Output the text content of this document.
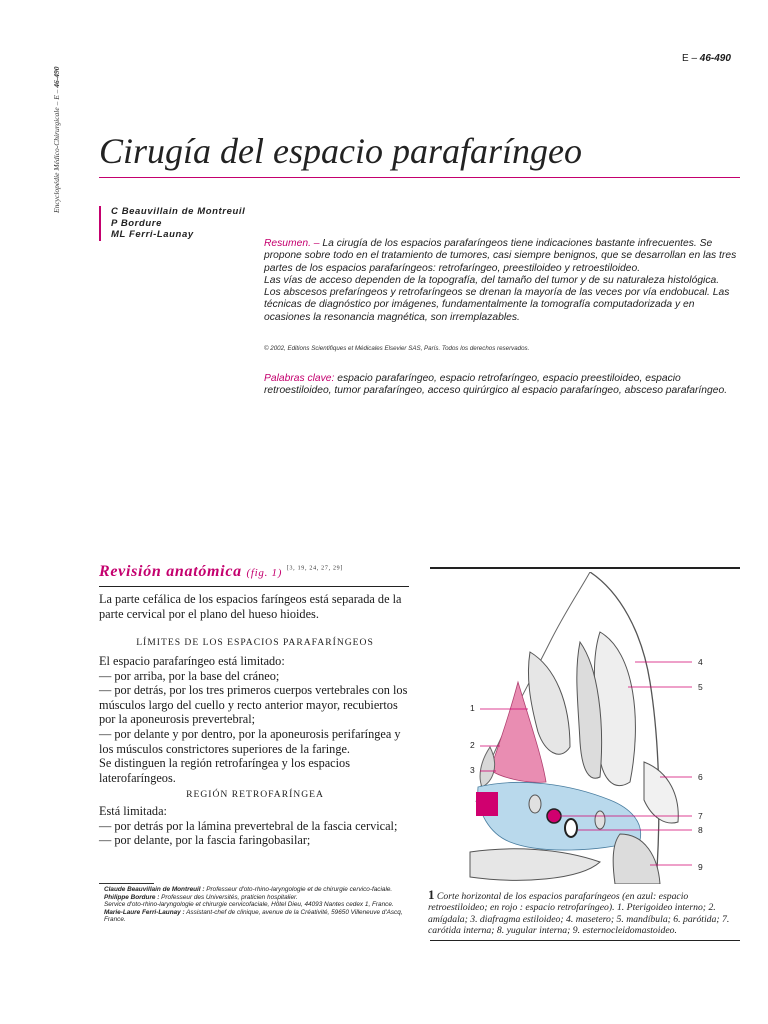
Encyclopédie Médico-Chirurgicale – E – 46-490
E – 46-490
Cirugía del espacio parafaríngeo
C Beauvillain de Montreuil
P Bordure
ML Ferri-Launay
Resumen. – La cirugía de los espacios parafaríngeos tiene indicaciones bastante infrecuentes. Se propone sobre todo en el tratamiento de tumores, casi siempre benignos, que se desarrollan en las tres partes de los espacios parafaríngeos: retrofaríngeo, preestiloideo y retroestiloideo.
Las vías de acceso dependen de la topografía, del tamaño del tumor y de su naturaleza histológica.
Los abscesos prefaríngeos y retrofaríngeos se drenan la mayoría de las veces por vía endobucal. Las técnicas de diagnóstico por imágenes, fundamentalmente la tomografía computadorizada y en ocasiones la resonancia magnética, son irremplazables.
© 2002, Editions Scientifiques et Médicales Elsevier SAS, París. Todos los derechos reservados.
Palabras clave: espacio parafaríngeo, espacio retrofaríngeo, espacio preestiloideo, espacio retroestiloideo, tumor parafaríngeo, acceso quirúrgico al espacio parafaríngeo, absceso parafaríngeo.
Revisión anatómica (fig. 1) [3, 19, 24, 27, 29]
La parte cefálica de los espacios faríngeos está separada de la parte cervical por el plano del hueso hioides.
LÍMITES DE LOS ESPACIOS PARAFARÍNGEOS
El espacio parafaríngeo está limitado:
— por arriba, por la base del cráneo;
— por detrás, por los tres primeros cuerpos vertebrales con los músculos largo del cuello y recto anterior mayor, recubiertos por la aponeurosis prevertebral;
— por delante y por dentro, por la aponeurosis perifaríngea y los músculos constrictores superiores de la faringe.
Se distinguen la región retrofaríngea y los espacios laterofaríngeos.
REGIÓN RETROFARÍNGEA
Está limitada:
— por detrás por la lámina prevertebral de la fascia cervical;
— por delante, por la fascia faringobasilar;
Claude Beauvillain de Montreuil : Professeur d'oto-rhino-laryngologie et de chirurgie cervico-faciale.
Philippe Bordure : Professeur des Universités, praticien hospitalier.
Service d'oto-rhino-laryngologie et chirurgie cervicofaciale, Hôtel Dieu, 44093 Nantes cedex 1, France.
Marie-Laure Ferri-Launay : Assistant-chef de clinique, avenue de la Créativité, 59650 Villeneuve d'Ascq, France.
1
2
3
4
5
6
7
8
9
1 Corte horizontal de los espacios parafaríngeos (en azul: espacio retroestiloideo; en rojo : espacio retrofaríngeo). 1. Pterigoideo interno; 2. amígdala; 3. diafragma estiloideo; 4. masetero; 5. mandíbula; 6. parótida; 7. carótida interna; 8. yugular interna; 9. esternocleidomastoideo.
